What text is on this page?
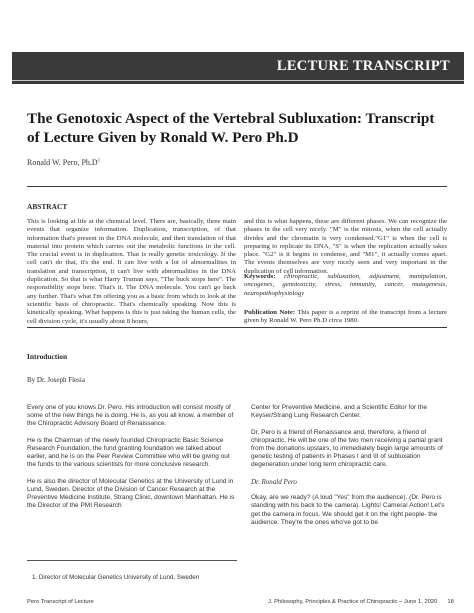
LECTURE TRANSCRIPT
The Genotoxic Aspect of the Vertebral Subluxation: Transcript of Lecture Given by Ronald W. Pero Ph.D
Ronald W. Pero, $Ph.D^1$
ABSTRACT
This is looking at life at the chemical level. There are, basically, three main events that organize information. Duplication, transcription, of that information that's present in the DNA molecule, and then translation of that material into protein which carries out the metabolic functions in the cell. The crucial event is in duplication. That is really genetic toxicology. If the cell can't do that, it's the end. It can live with a lot of abnormalities in translation and transcription, it can't live with abnormalities in the DNA duplication. So that is what Harry Truman says, "The buck stops here". The responsibility stops here. That's it. The DNA molecule. You can't go back any further. That's what I'm offering you as a basic from which to look at the scientific basis of chiropractic. That's chemically speaking. Now this is kinetically speaking. What happens is this is just taking the human cells, the cell division cycle, it's usually about 8 hours,
and this is what happens, these are different phases. We can recognize the phases in the cell very nicely. "M" is the mitosis, when the cell actually divides and the chromatin is very condensed."G1" is when the cell is preparing to replicate its DNA, "S" is when the replication actually takes place. "G2" is it begins to condense, and "M1", it actually comes apart. The events themselves are very nicely seen and very important in the duplication of cell information.
Keywords: chiropractic, subluxation, adjustment, manipulation, oncogenes, genotoxicity, stress, immunity, cancer, mutagenesis, neuropathophysiology
Publication Note: This paper is a reprint of the transcript from a lecture given by Ronald W. Pero Ph.D circa 1980.
Introduction
By Dr. Joseph Flesia

Every one of you knows Dr. Pero. His introduction will consist mostly of some of the new things he is doing. He is, as you all know, a member of the Chiropractic Advisory Board of Renaissance.

He is the Chairman of the newly founded Chiropractic Basic Science Research Foundation, the fund granting foundation we talked about earlier, and he is on the Peer Review Committee who will be giving out the funds to the various scientists for more conclusive research.

He is also the director of Molecular Genetics at the University of Lund in Lund, Sweden. Director of the Division of Cancer Research at the Preventive Medicine Institute, Strang Clinic, downtown Manhattan. He is the Director of the PMI Research

Center for Preventive Medicine, and a Scientific Editor for the Keyser/Strang Lung Research Center.

Dr. Pero is a friend of Renaissance and, therefore, a friend of chiropractic. He will be one of the two men receiving a partial grant from the donations upstairs, to immediately begin large amounts of genetic testing of patients in Phases I and III of subluxation degeneration under long term chiropractic care.

Dr. Ronald Pero

Okay, are we ready? (A loud "Yes" from the audience). (Dr. Pero is standing with his back to the camera). Lights! Camera! Action! Let's get the camera in focus. We should get it on the right people- the audience. They're the ones who've got to be

1. Director of Molecular Genetics University of Lund, Sweden
Pero Transcript of Lecture	J. Philosophy, Principles & Practice of Chiropractic – June 1, 2020 18
